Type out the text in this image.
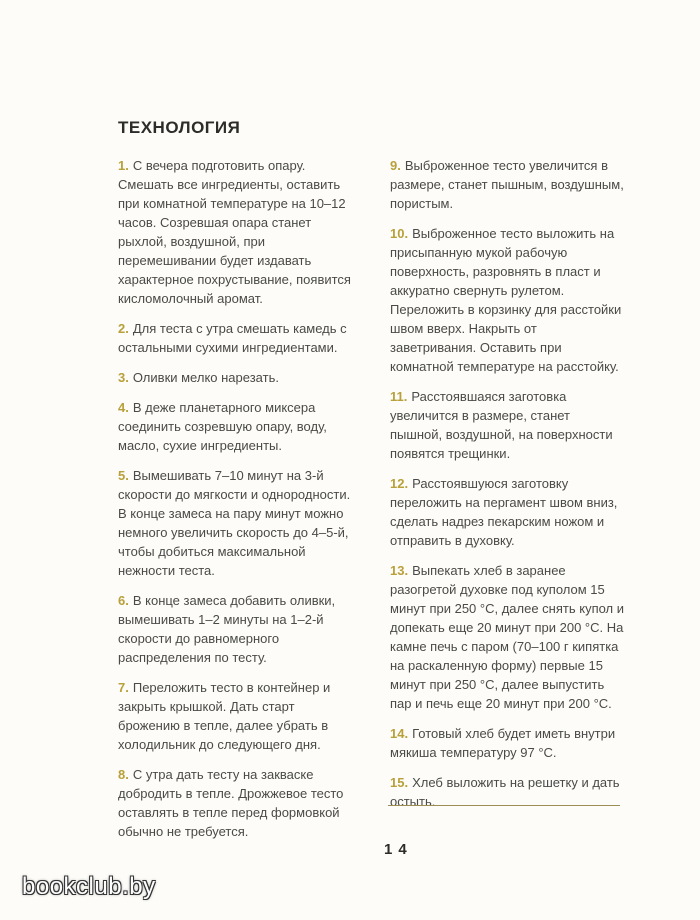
ТЕХНОЛОГИЯ

1. С вечера подготовить опару. Смешать все ингредиенты, оставить при комнатной температуре на 10–12 часов. Созревшая опара станет рыхлой, воздушной, при перемешивании будет издавать характерное похрустывание, появится кисломолочный аромат.

2. Для теста с утра смешать камедь с остальными сухими ингредиентами.

3. Оливки мелко нарезать.

4. В деже планетарного миксера соединить созревшую опару, воду, масло, сухие ингредиенты.

5. Вымешивать 7–10 минут на 3-й скорости до мягкости и однородности. В конце замеса на пару минут можно немного увеличить скорость до 4–5-й, чтобы добиться максимальной нежности теста.

6. В конце замеса добавить оливки, вымешивать 1–2 минуты на 1–2-й скорости до равномерного распределения по тесту.

7. Переложить тесто в контейнер и закрыть крышкой. Дать старт брожению в тепле, далее убрать в холодильник до следующего дня.

8. С утра дать тесту на закваске добродить в тепле. Дрожжевое тесто оставлять в тепле перед формовкой обычно не требуется.

9. Выброженное тесто увеличится в размере, станет пышным, воздушным, пористым.

10. Выброженное тесто выложить на присыпанную мукой рабочую поверхность, разровнять в пласт и аккуратно свернуть рулетом. Переложить в корзинку для расстойки швом вверх. Накрыть от заветривания. Оставить при комнатной температуре на расстойку.

11. Расстоявшаяся заготовка увеличится в размере, станет пышной, воздушной, на поверхности появятся трещинки.

12. Расстоявшуюся заготовку переложить на пергамент швом вниз, сделать надрез пекарским ножом и отправить в духовку.

13. Выпекать хлеб в заранее разогретой духовке под куполом 15 минут при 250 °С, далее снять купол и допекать еще 20 минут при 200 °С. На камне печь с паром (70–100 г кипятка на раскаленную форму) первые 15 минут при 250 °С, далее выпустить пар и печь еще 20 минут при 200 °С.

14. Готовый хлеб будет иметь внутри мякиша температуру 97 °С.

15. Хлеб выложить на решетку и дать остыть.

14
bookclub.by
